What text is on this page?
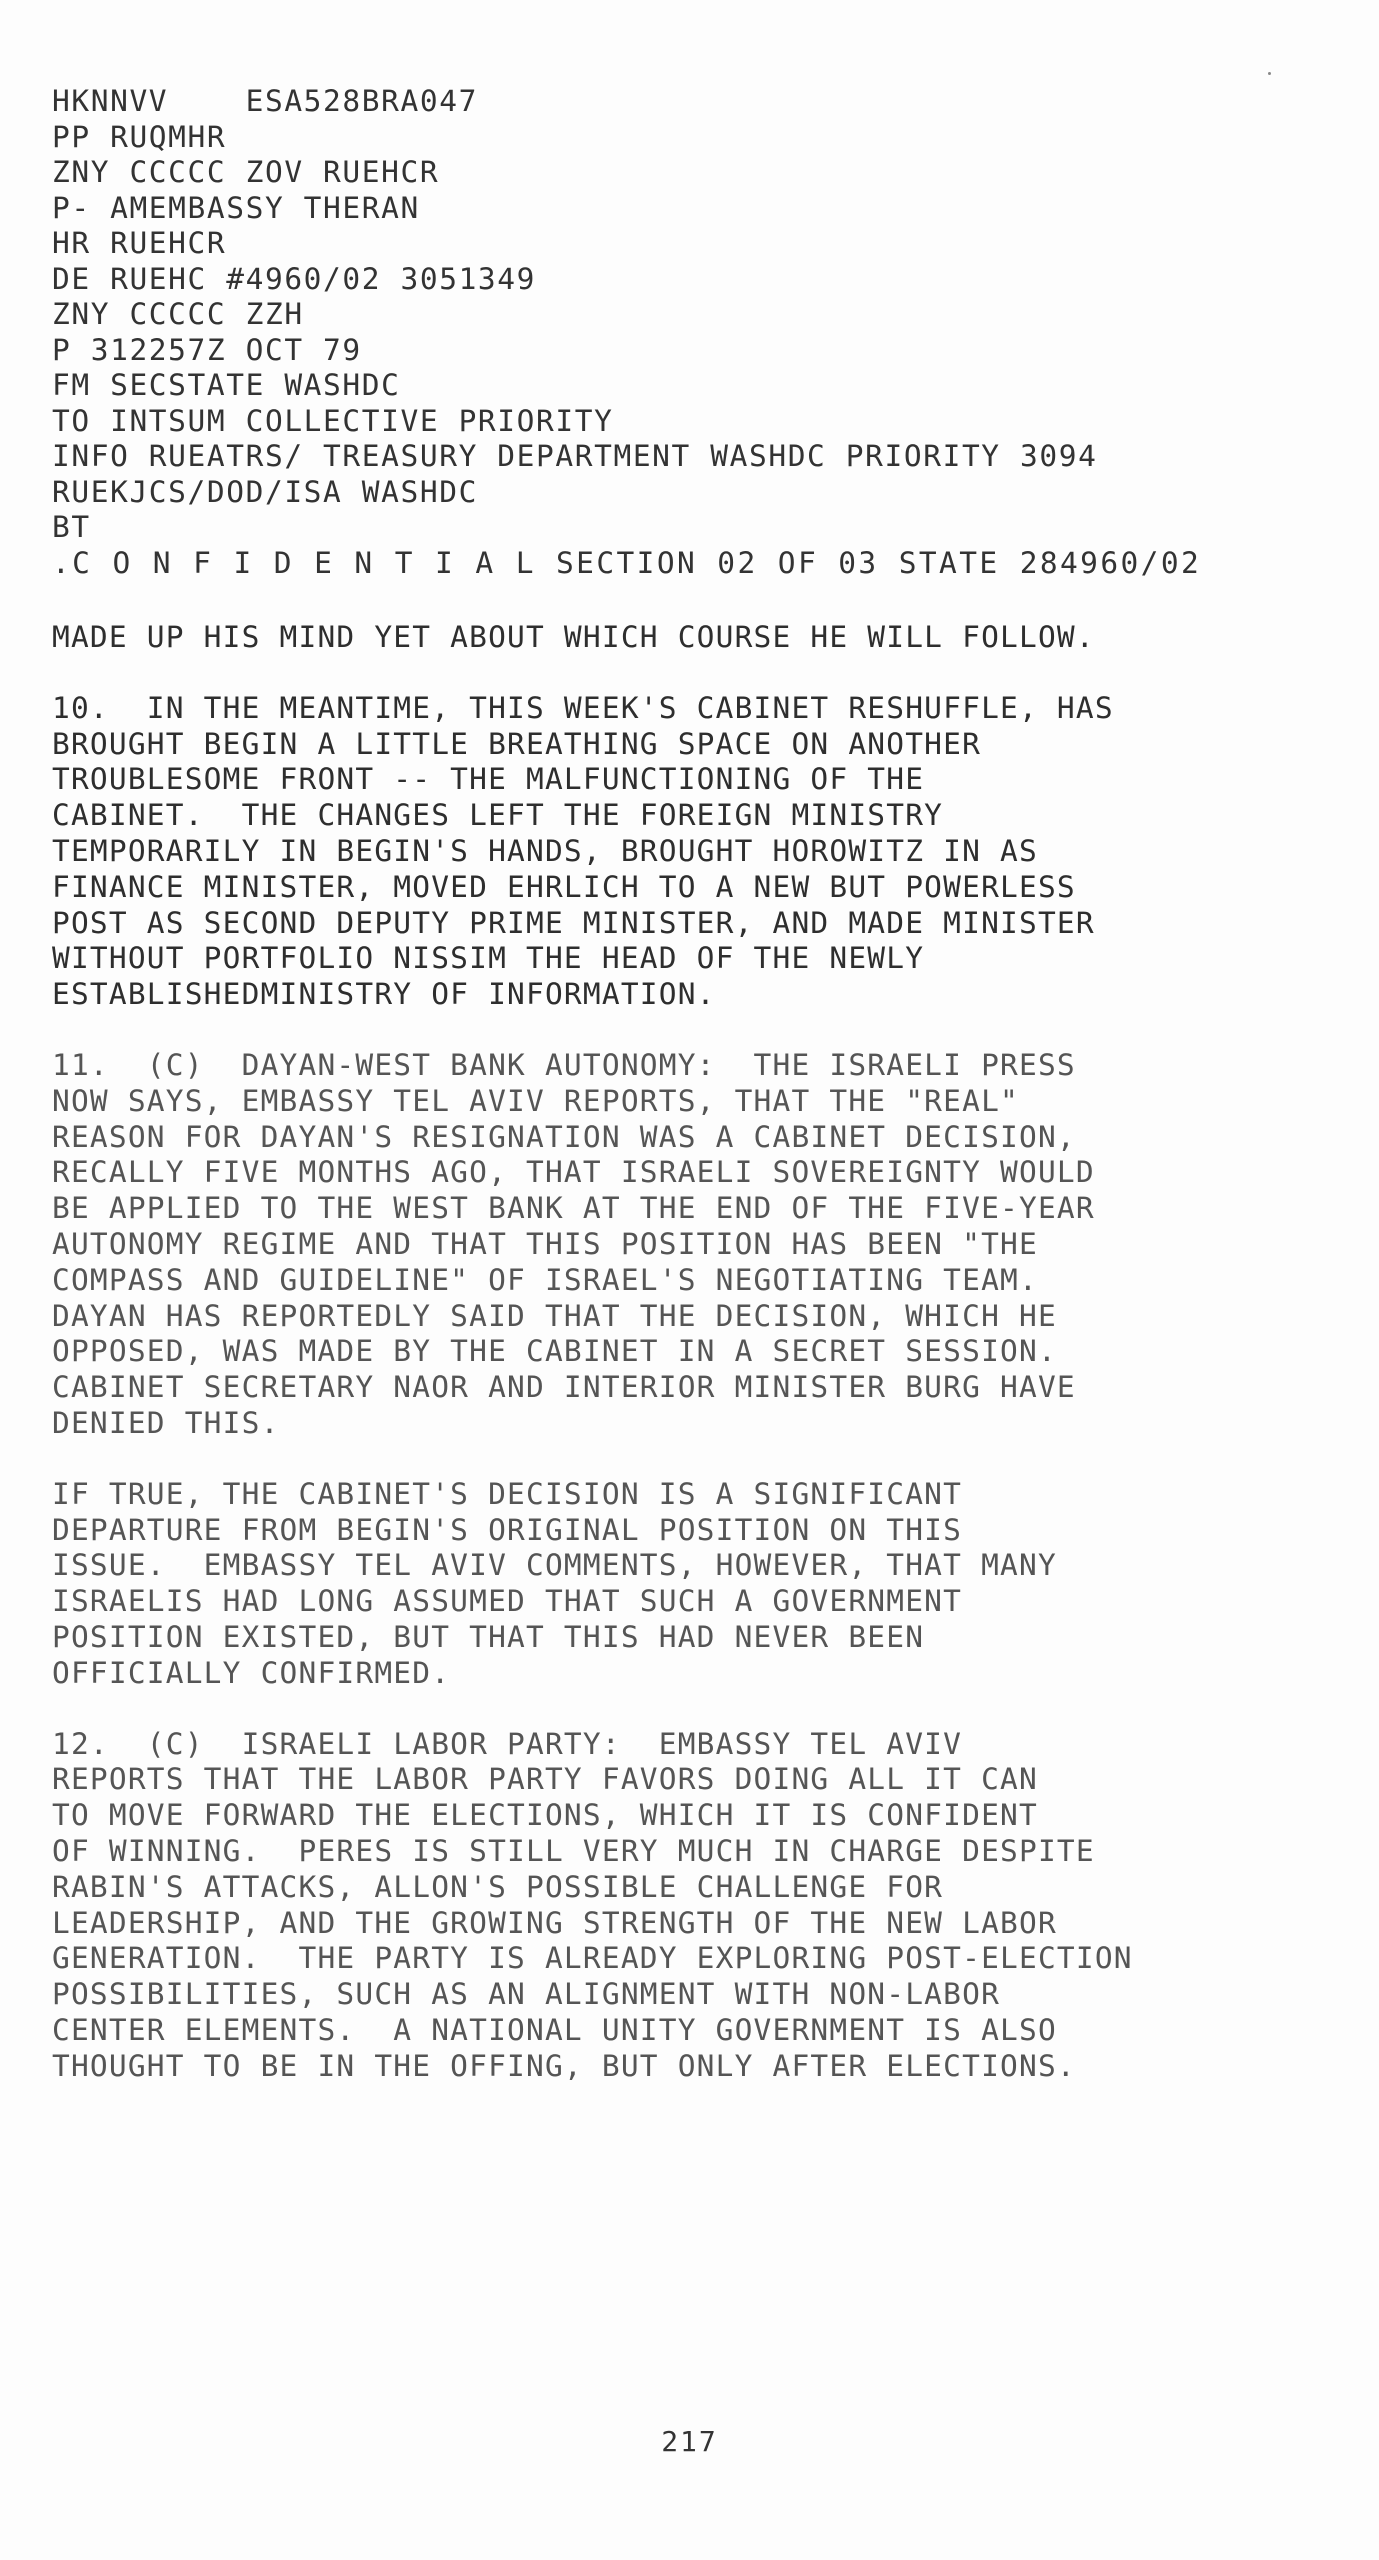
HKNNVV    ESA528BRA047
PP RUQMHR
ZNY CCCCC ZOV RUEHCR
P- AMEMBASSY THERAN
HR RUEHCR
DE RUEHC #4960/02 3051349
ZNY CCCCC ZZH
P 312257Z OCT 79
FM SECSTATE WASHDC
TO INTSUM COLLECTIVE PRIORITY
INFO RUEATRS/ TREASURY DEPARTMENT WASHDC PRIORITY 3094
RUEKJCS/DOD/ISA WASHDC
BT
.C O N F I D E N T I A L SECTION 02 OF 03 STATE 284960/02
MADE UP HIS MIND YET ABOUT WHICH COURSE HE WILL FOLLOW.
10.  IN THE MEANTIME, THIS WEEK'S CABINET RESHUFFLE, HAS
BROUGHT BEGIN A LITTLE BREATHING SPACE ON ANOTHER
TROUBLESOME FRONT -- THE MALFUNCTIONING OF THE
CABINET.  THE CHANGES LEFT THE FOREIGN MINISTRY
TEMPORARILY IN BEGIN'S HANDS, BROUGHT HOROWITZ IN AS
FINANCE MINISTER, MOVED EHRLICH TO A NEW BUT POWERLESS
POST AS SECOND DEPUTY PRIME MINISTER, AND MADE MINISTER
WITHOUT PORTFOLIO NISSIM THE HEAD OF THE NEWLY
ESTABLISHEDMINISTRY OF INFORMATION.
11.  (C)  DAYAN-WEST BANK AUTONOMY:  THE ISRAELI PRESS
NOW SAYS, EMBASSY TEL AVIV REPORTS, THAT THE "REAL"
REASON FOR DAYAN'S RESIGNATION WAS A CABINET DECISION,
RECALLY FIVE MONTHS AGO, THAT ISRAELI SOVEREIGNTY WOULD
BE APPLIED TO THE WEST BANK AT THE END OF THE FIVE-YEAR
AUTONOMY REGIME AND THAT THIS POSITION HAS BEEN "THE
COMPASS AND GUIDELINE" OF ISRAEL'S NEGOTIATING TEAM.
DAYAN HAS REPORTEDLY SAID THAT THE DECISION, WHICH HE
OPPOSED, WAS MADE BY THE CABINET IN A SECRET SESSION.
CABINET SECRETARY NAOR AND INTERIOR MINISTER BURG HAVE
DENIED THIS.
IF TRUE, THE CABINET'S DECISION IS A SIGNIFICANT
DEPARTURE FROM BEGIN'S ORIGINAL POSITION ON THIS
ISSUE.  EMBASSY TEL AVIV COMMENTS, HOWEVER, THAT MANY
ISRAELIS HAD LONG ASSUMED THAT SUCH A GOVERNMENT
POSITION EXISTED, BUT THAT THIS HAD NEVER BEEN
OFFICIALLY CONFIRMED.
12.  (C)  ISRAELI LABOR PARTY:  EMBASSY TEL AVIV
REPORTS THAT THE LABOR PARTY FAVORS DOING ALL IT CAN
TO MOVE FORWARD THE ELECTIONS, WHICH IT IS CONFIDENT
OF WINNING.  PERES IS STILL VERY MUCH IN CHARGE DESPITE
RABIN'S ATTACKS, ALLON'S POSSIBLE CHALLENGE FOR
LEADERSHIP, AND THE GROWING STRENGTH OF THE NEW LABOR
GENERATION.  THE PARTY IS ALREADY EXPLORING POST-ELECTION
POSSIBILITIES, SUCH AS AN ALIGNMENT WITH NON-LABOR
CENTER ELEMENTS.  A NATIONAL UNITY GOVERNMENT IS ALSO
THOUGHT TO BE IN THE OFFING, BUT ONLY AFTER ELECTIONS.
217
